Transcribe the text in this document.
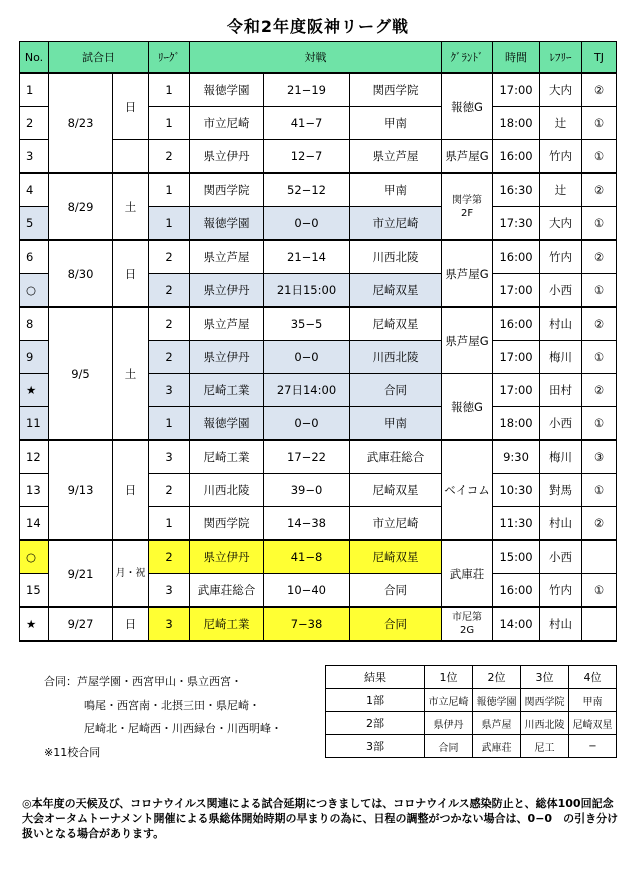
令和2年度阪神リーグ戦
No.	試合日		ﾘｰｸﾞ	対戦			ｸﾞﾗﾝﾄﾞ	時間	ﾚﾌﾘｰ	TJ
1	8/23	日	1	報徳学園	21−19	関西学院	報徳G	17:00	大内	②
2			1	市立尼崎	41−7	甲南		18:00	辻	①
3			2	県立伊丹	12−7	県立芦屋	県芦屋G	16:00	竹内	①
4	8/29	土	1	関西学院	52−12	甲南	関学第2F	16:30	辻	②
5			1	報徳学園	0−0	市立尼崎		17:30	大内	①
6	8/30	日	2	県立芦屋	21−14	川西北陵	県芦屋G	16:00	竹内	②
○			2	県立伊丹	21日15:00	尼崎双星		17:00	小西	①
8	9/5	土	2	県立芦屋	35−5	尼崎双星	県芦屋G	16:00	村山	②
9			2	県立伊丹	0−0	川西北陵		17:00	梅川	①
★			3	尼崎工業	27日14:00	合同	報徳G	17:00	田村	②
11			1	報徳学園	0−0	甲南		18:00	小西	①
12	9/13	日	3	尼崎工業	17−22	武庫荘総合	ベイコム	9:30	梅川	③
13			2	川西北陵	39−0	尼崎双星		10:30	對馬	①
14			1	関西学院	14−38	市立尼崎		11:30	村山	②
○	9/21	月・祝	2	県立伊丹	41−8	尼崎双星	武庫荘	15:00	小西	
15			3	武庫荘総合	10−40	合同		16:00	竹内	①
★	9/27	日	3	尼崎工業	7−38	合同	市尼第2G	14:00	村山	
合同：芦屋学園・西宮甲山・県立西宮・
鳴尾・西宮南・北摂三田・県尼崎・
尼崎北・尼崎西・川西緑台・川西明峰・
※11校合同
結果	1位	2位	3位	4位
1部	市立尼崎	報徳学園	関西学院	甲南
2部	県伊丹	県芦屋	川西北陵	尼崎双星
3部	合同	武庫荘	尼工	−
◎本年度の天候及び、コロナウイルス関連による試合延期につきましては、コロナウイルス感染防止と、総体100回記念大会オータムトーナメント開催による県総体開始時期の早まりの為に、日程の調整がつかない場合は、0−0　の引き分け扱いとなる場合があります。
